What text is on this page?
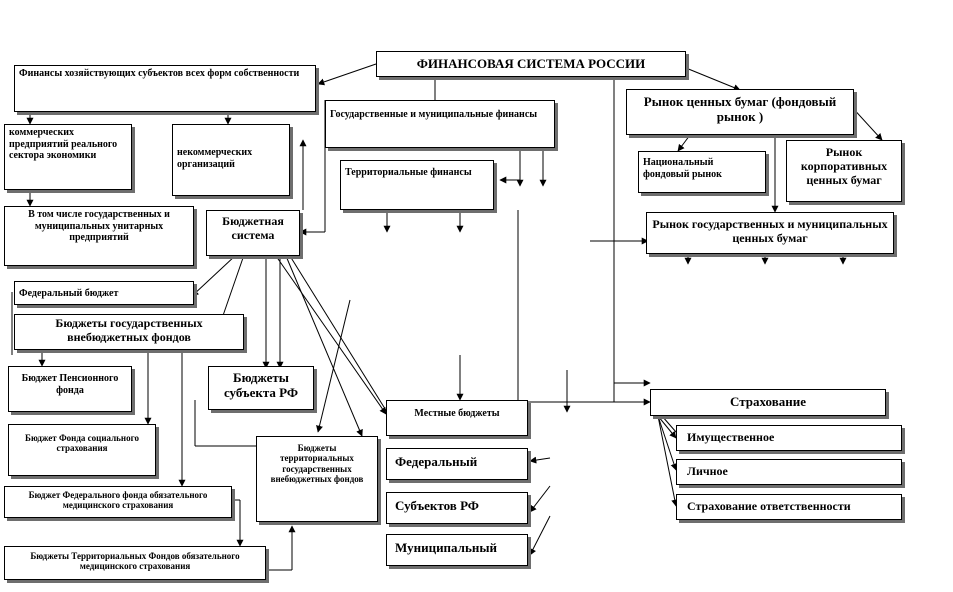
ФИНАНСОВАЯ СИСТЕМА РОССИИ
Финансы хозяйствующих субъектов всех форм собственности
коммерческих предприятий реального сектора экономики	некоммерческих организаций
В том числе государственных и муниципальных унитарных предприятий
Бюджетная система
Федеральный бюджет
Бюджеты государственных внебюджетных фондов
Бюджет Пенсионного фонда
Бюджет Фонда социального страхования
Бюджет Федерального фонда обязательного медицинского страхования
Бюджеты Территориальных Фондов обязательного медицинского страхования
Государственные и муниципальные финансы
Территориальные финансы
Бюджеты субъекта РФ
Бюджеты территориальных государственных внебюджетных фондов
Местные бюджеты
Федеральный
Субъектов РФ
Муниципальный
Рынок ценных бумаг (фондовый рынок )
Национальный фондовый рынок
Рынок корпоративных ценных бумаг
Рынок государственных и муниципальных ценных бумаг
Страхование
Имущественное
Личное
Страхование ответственности
